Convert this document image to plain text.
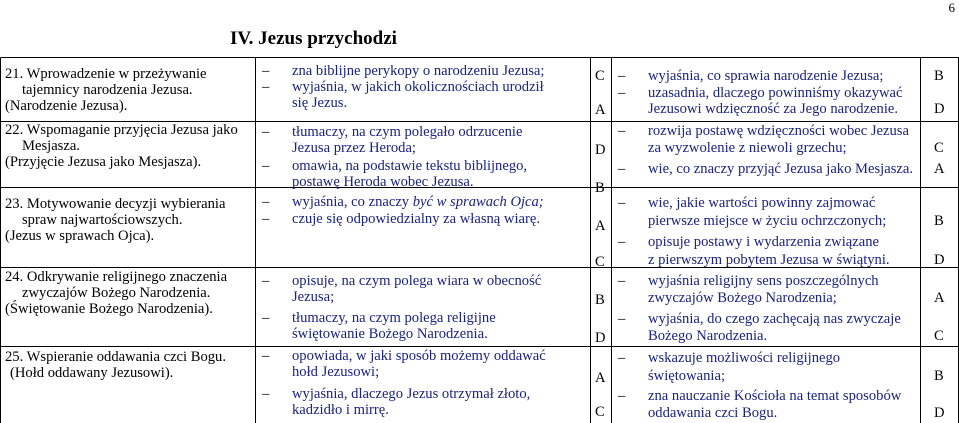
6
IV. Jezus przychodzi
21. Wprowadzenie w przeżywanie
tajemnicy narodzenia Jezusa.
(Narodzenie Jezusa).
22. Wspomaganie przyjęcia Jezusa jako
Mesjasza.
(Przyjęcie Jezusa jako Mesjasza).
23. Motywowanie decyzji wybierania
spraw najwartościowszych.
(Jezus w sprawach Ojca).
24. Odkrywanie religijnego znaczenia
zwyczajów Bożego Narodzenia.
(Świętowanie Bożego Narodzenia).
25. Wspieranie oddawania czci Bogu.
(Hołd oddawany Jezusowi).
– zna biblijne perykopy o narodzeniu Jezusa;
– wyjaśnia, w jakich okolicznościach urodził
się Jezus.
– tłumaczy, na czym polegało odrzucenie
Jezusa przez Heroda;
– omawia, na podstawie tekstu biblijnego,
postawę Heroda wobec Jezusa.
– wyjaśnia, co znaczy być w sprawach Ojca;
– czuje się odpowiedzialny za własną wiarę.
– opisuje, na czym polega wiara w obecność
Jezusa;
– tłumaczy, na czym polega religijne
świętowanie Bożego Narodzenia.
– opowiada, w jaki sposób możemy oddawać
hołd Jezusowi;
– wyjaśnia, dlaczego Jezus otrzymał złoto,
kadzidło i mirrę.
C
A
D
B
A
C
B
D
A
C
– wyjaśnia, co sprawia narodzenie Jezusa;
– uzasadnia, dlaczego powinniśmy okazywać
Jezusowi wdzięczność za Jego narodzenie.
– rozwija postawę wdzięczności wobec Jezusa
za wyzwolenie z niewoli grzechu;
– wie, co znaczy przyjąć Jezusa jako Mesjasza.
– wie, jakie wartości powinny zajmować
pierwsze miejsce w życiu ochrzczonych;
– opisuje postawy i wydarzenia związane
z pierwszym pobytem Jezusa w świątyni.
– wyjaśnia religijny sens poszczególnych
zwyczajów Bożego Narodzenia;
– wyjaśnia, do czego zachęcają nas zwyczaje
Bożego Narodzenia.
– wskazuje możliwości religijnego
świętowania;
– zna nauczanie Kościoła na temat sposobów
oddawania czci Bogu.
B
D
C
A
B
D
A
C
B
D
